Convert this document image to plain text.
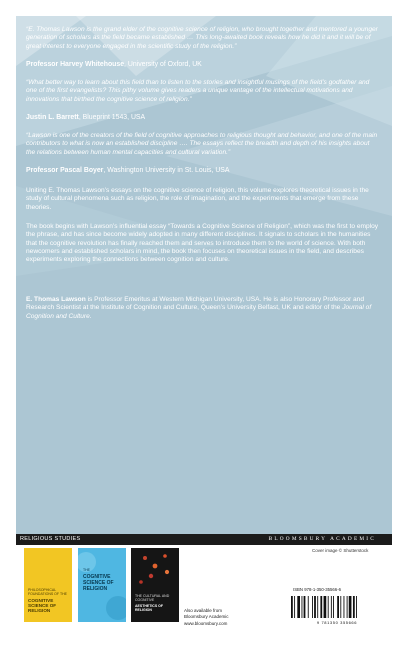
“E. Thomas Lawson is the grand elder of the cognitive science of religion, who brought together and mentored a younger generation of scholars as the field became established … This long-awaited book reveals how he did it and it will be of great interest to everyone engaged in the scientific study of the religion.”

Professor Harvey Whitehouse, University of Oxford, UK

“What better way to learn about this field than to listen to the stories and insightful musings of the field’s godfather and one of the first evangelists? This pithy volume gives readers a unique vantage of the intellectual motivations and innovations that birthed the cognitive science of religion.”

Justin L. Barrett, Blueprint 1543, USA

“Lawson is one of the creators of the field of cognitive approaches to religious thought and behavior, and one of the main contributors to what is now an established discipline …. The essays reflect the breadth and depth of his insights about the relations between human mental capacities and cultural variation.”

Professor Pascal Boyer, Washington University in St. Louis, USA

Uniting E. Thomas Lawson’s essays on the cognitive science of religion, this volume explores theoretical issues in the study of cultural phenomena such as religion, the role of imagination, and the experiments that emerge from these theories.

The book begins with Lawson’s influential essay “Towards a Cognitive Science of Religion”, which was the first to employ the phrase, and has since become widely adopted in many different disciplines. It signals to scholars in the humanities that the cognitive revolution has finally reached them and serves to introduce them to the world of science. With both newcomers and established scholars in mind, the book then focuses on theoretical issues in the field, and describes experiments exploring the connections between cognition and culture.

E. Thomas Lawson is Professor Emeritus at Western Michigan University, USA. He is also Honorary Professor and Research Scientist at the Institute of Cognition and Culture, Queen’s University Belfast, UK and editor of the Journal of Cognition and Culture.

RELIGIOUS STUDIES	BLOOMSBURY ACADEMIC
PHILOSOPHICAL FOUNDATIONS OF THE
COGNITIVE SCIENCE OF RELIGION
THE
COGNITIVE SCIENCE OF RELIGION
THE CULTURAL AND COGNITIVE
AESTHETICS OF RELIGION	Also available from
Bloomsbury Academic
www.bloomsbury.com
Cover image © Shutterstock
ISBN 978-1-350-35566-6
9 781350 355666
